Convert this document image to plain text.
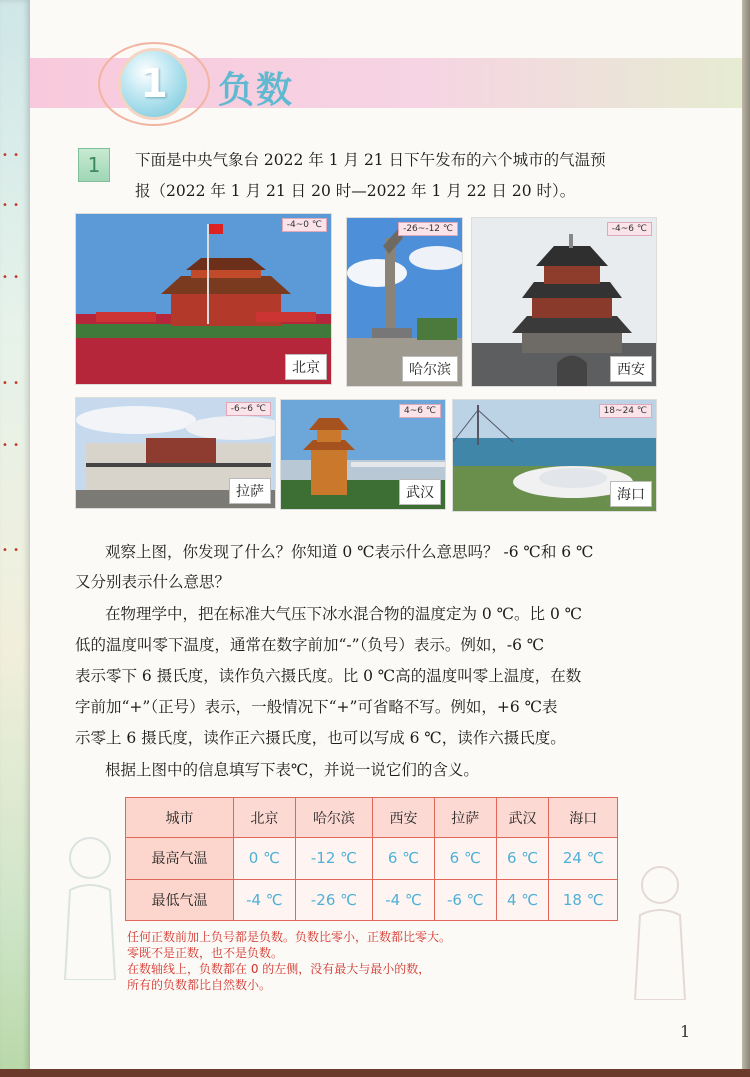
• •
• •
• •
• •
• •
• •
1 负数
1 下面是中央气象台 2022 年 1 月 21 日下午发布的六个城市的气温预
报（2022 年 1 月 21 日 20 时—2022 年 1 月 22 日 20 时）。
-4~0 ℃
北京
-26~-12 ℃
哈尔滨
-4~6 ℃
西安
-6~6 ℃
拉萨
4~6 ℃
武汉
18~24 ℃
海口
观察上图，你发现了什么？你知道 0 ℃表示什么意思吗？ -6 ℃和 6 ℃
又分别表示什么意思？
在物理学中，把在标准大气压下冰水混合物的温度定为 0 ℃。比 0 ℃
低的温度叫零下温度，通常在数字前加“-”（负号）表示。例如，-6 ℃
表示零下 6 摄氏度，读作负六摄氏度。比 0 ℃高的温度叫零上温度，在数
字前加“+”（正号）表示，一般情况下“+”可省略不写。例如，+6 ℃表
示零上 6 摄氏度，读作正六摄氏度，也可以写成 6 ℃，读作六摄氏度。
根据上图中的信息填写下表℃，并说一说它们的含义。
城市	北京	哈尔滨	西安	拉萨	武汉	海口
最高气温	0 ℃	-12 ℃	6 ℃	6 ℃	6 ℃	24 ℃
最低气温	-4 ℃	-26 ℃	-4 ℃	-6 ℃	4 ℃	18 ℃
任何正数前加上负号都是负数。负数比零小，正数都比零大。
零既不是正数，也不是负数。
在数轴线上，负数都在 0 的左侧，没有最大与最小的数，
所有的负数都比自然数小。
1
